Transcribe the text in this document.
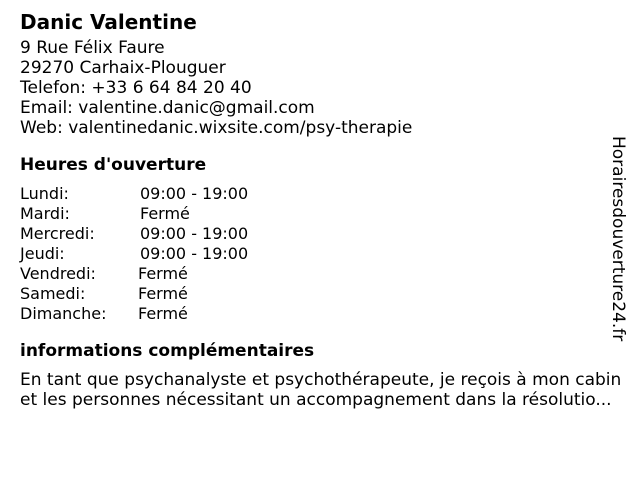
Danic Valentine
9 Rue Félix Faure
29270 Carhaix-Plouguer
Telefon: +33 6 64 84 20 40
Email: valentine.danic@gmail.com
Web: valentinedanic.wixsite.com/psy-therapie
Heures d'ouverture
Lundi:	09:00 - 19:00
Mardi:	Fermé
Mercredi:	09:00 - 19:00
Jeudi:	09:00 - 19:00
Vendredi:	Fermé
Samedi:	Fermé
Dimanche: Fermé
informations complémentaires
En tant que psychanalyste et psychothérapeute, je reçois à mon cabin
et les personnes nécessitant un accompagnement dans la résolutio...
Horairesdouverture24.fr
